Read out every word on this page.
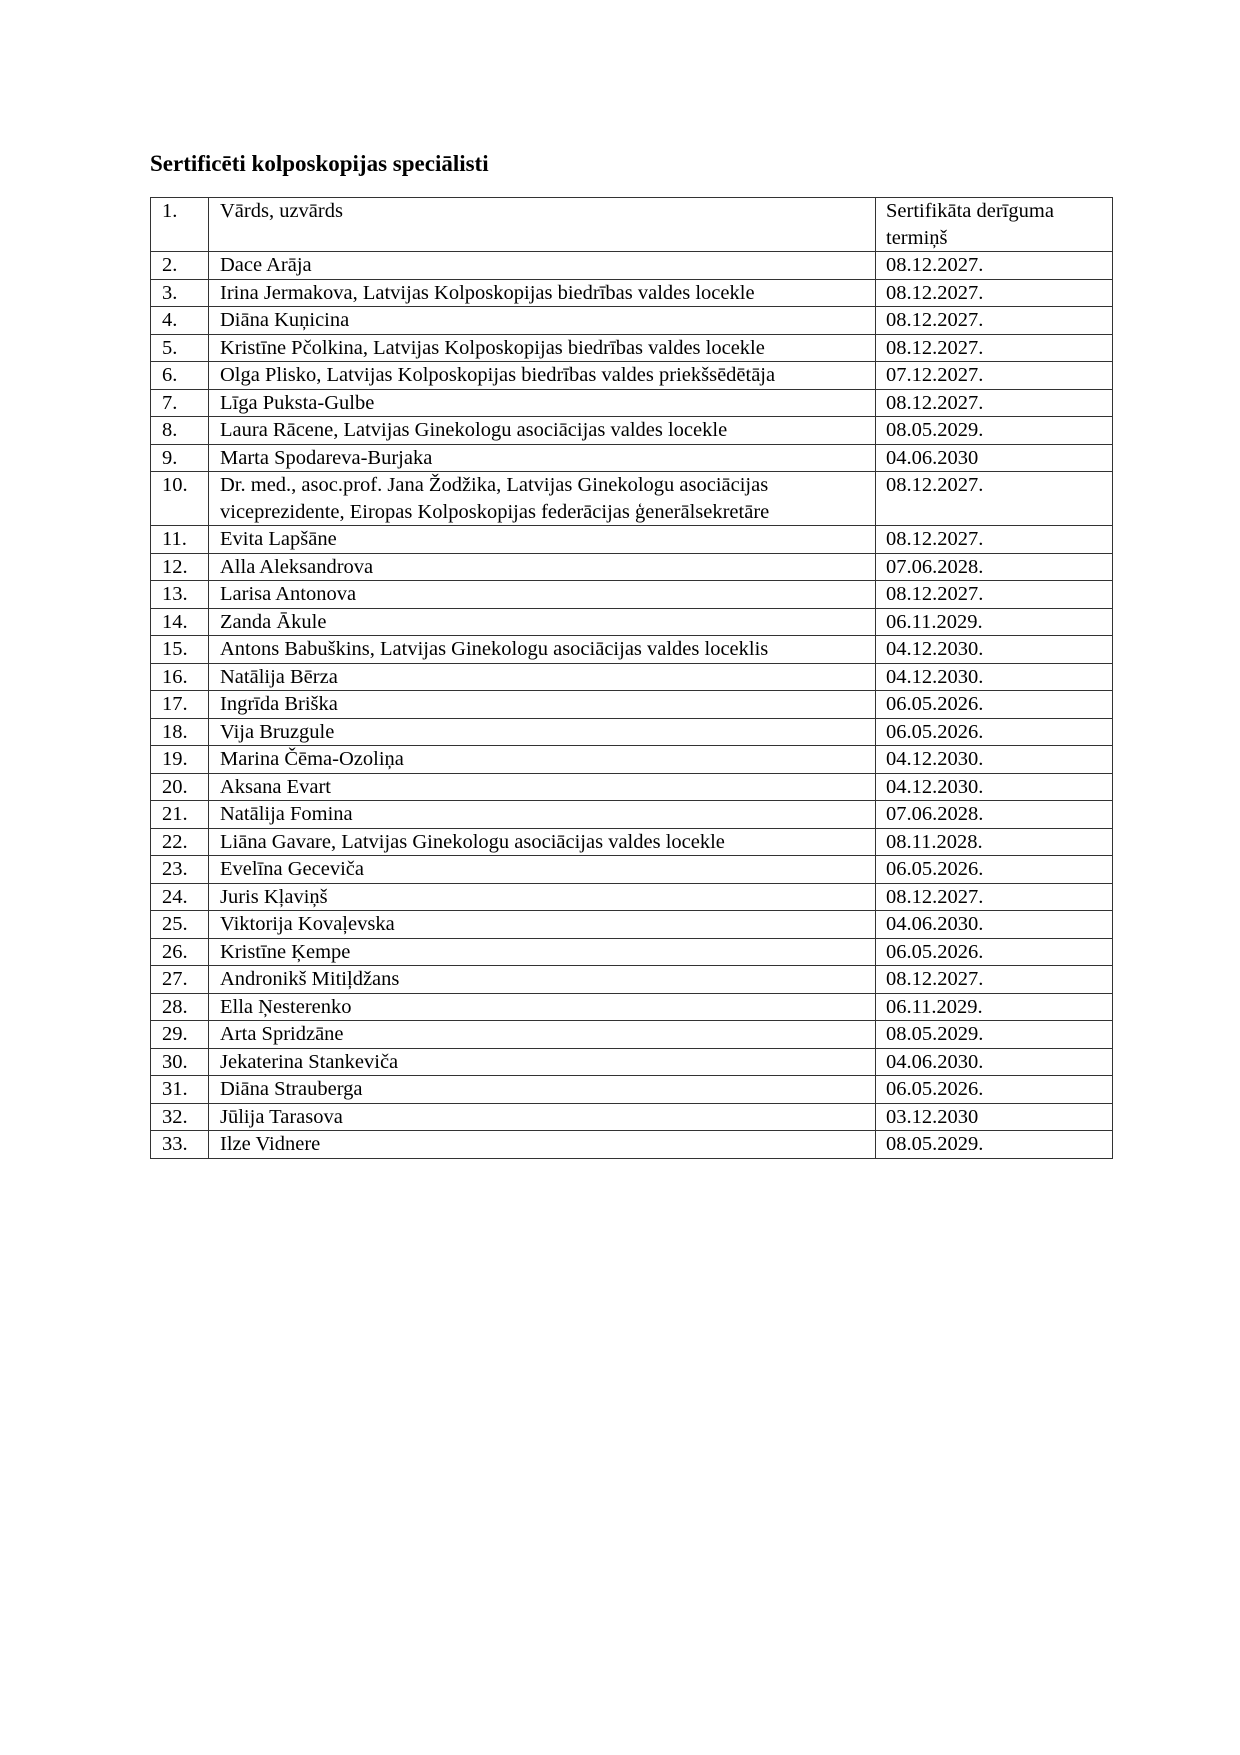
Sertificēti kolposkopijas speciālisti
1.	Vārds, uzvārds	Sertifikāta derīguma termiņš
2.	Dace Arāja	08.12.2027.
3.	Irina Jermakova, Latvijas Kolposkopijas biedrības valdes locekle	08.12.2027.
4.	Diāna Kuņicina	08.12.2027.
5.	Kristīne Pčolkina, Latvijas Kolposkopijas biedrības valdes locekle	08.12.2027.
6.	Olga Plisko, Latvijas Kolposkopijas biedrības valdes priekšsēdētāja	07.12.2027.
7.	Līga Puksta-Gulbe	08.12.2027.
8.	Laura Rācene, Latvijas Ginekologu asociācijas valdes locekle	08.05.2029.
9.	Marta Spodareva-Burjaka	04.06.2030
10.	Dr. med., asoc.prof. Jana Žodžika, Latvijas Ginekologu asociācijas viceprezidente, Eiropas Kolposkopijas federācijas ģenerālsekretāre	08.12.2027.
11.	Evita Lapšāne	08.12.2027.
12.	Alla Aleksandrova	07.06.2028.
13.	Larisa Antonova	08.12.2027.
14.	Zanda Ākule	06.11.2029.
15.	Antons Babuškins, Latvijas Ginekologu asociācijas valdes loceklis	04.12.2030.
16.	Natālija Bērza	04.12.2030.
17.	Ingrīda Briška	06.05.2026.
18.	Vija Bruzgule	06.05.2026.
19.	Marina Čēma-Ozoliņa	04.12.2030.
20.	Aksana Evart	04.12.2030.
21.	Natālija Fomina	07.06.2028.
22.	Liāna Gavare, Latvijas Ginekologu asociācijas valdes locekle	08.11.2028.
23.	Evelīna Geceviča	06.05.2026.
24.	Juris Kļaviņš	08.12.2027.
25.	Viktorija Kovaļevska	04.06.2030.
26.	Kristīne Ķempe	06.05.2026.
27.	Andronikš Mitiļdžans	08.12.2027.
28.	Ella Ņesterenko	06.11.2029.
29.	Arta Spridzāne	08.05.2029.
30.	Jekaterina Stankeviča	04.06.2030.
31.	Diāna Strauberga	06.05.2026.
32.	Jūlija Tarasova	03.12.2030
33.	Ilze Vidnere	08.05.2029.
